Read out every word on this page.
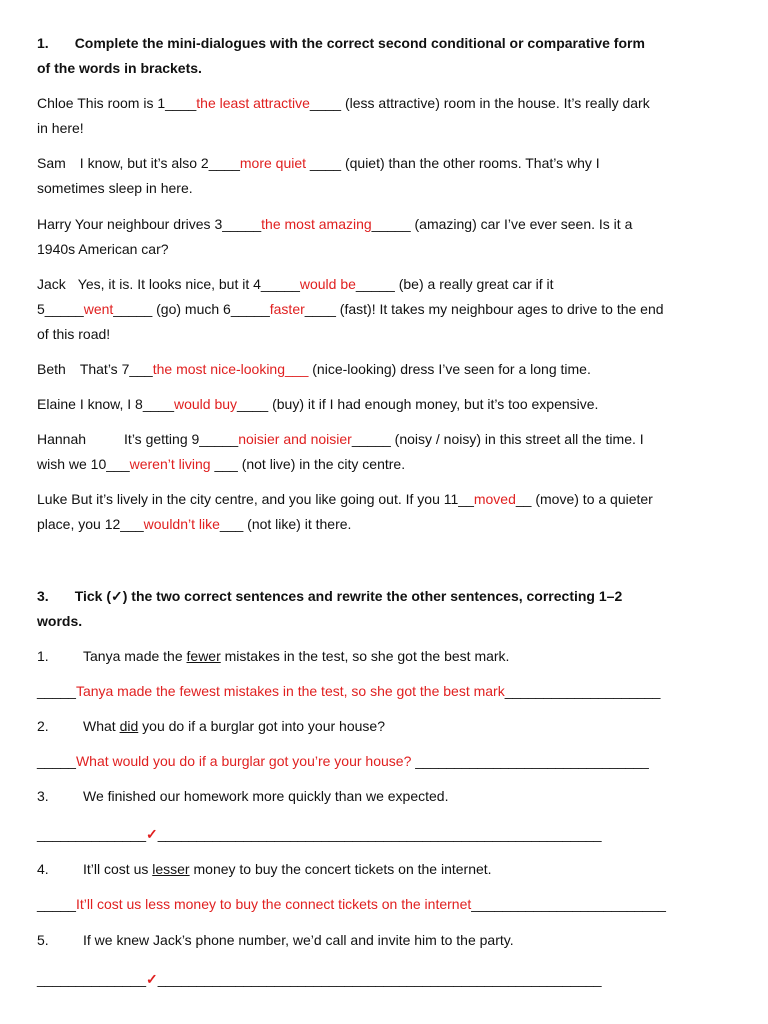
1. Complete the mini-dialogues with the correct second conditional or comparative form
of the words in brackets.
Chloe This room is 1____the least attractive____ (less attractive) room in the house. It’s really dark
in here!
Sam I know, but it’s also 2____more quiet ____ (quiet) than the other rooms. That’s why I
sometimes sleep in here.
Harry Your neighbour drives 3_____the most amazing_____ (amazing) car I’ve ever seen. Is it a
1940s American car?
Jack Yes, it is. It looks nice, but it 4_____would be_____ (be) a really great car if it
5_____went_____ (go) much 6_____faster____ (fast)! It takes my neighbour ages to drive to the end
of this road!
Beth That’s 7___the most nice-looking___ (nice-looking) dress I’ve seen for a long time.
Elaine I know, I 8____would buy____ (buy) it if I had enough money, but it’s too expensive.
Hannah	It’s getting 9_____noisier and noisier_____ (noisy / noisy) in this street all the time. I
wish we 10___weren’t living ___ (not live) in the city centre.
Luke But it’s lively in the city centre, and you like going out. If you 11__moved__ (move) to a quieter
place, you 12___wouldn’t like___ (not like) it there.
3. Tick (✓) the two correct sentences and rewrite the other sentences, correcting 1–2
words.
1. Tanya made the fewer mistakes in the test, so she got the best mark.
_____Tanya made the fewest mistakes in the test, so she got the best mark____________________
2. What did you do if a burglar got into your house?
_____What would you do if a burglar got you’re your house? ______________________________
3. We finished our homework more quickly than we expected.
______________✓_________________________________________________________
4. It’ll cost us lesser money to buy the concert tickets on the internet.
_____It’ll cost us less money to buy the connect tickets on the internet_________________________
5. If we knew Jack’s phone number, we’d call and invite him to the party.
______________✓_________________________________________________________
